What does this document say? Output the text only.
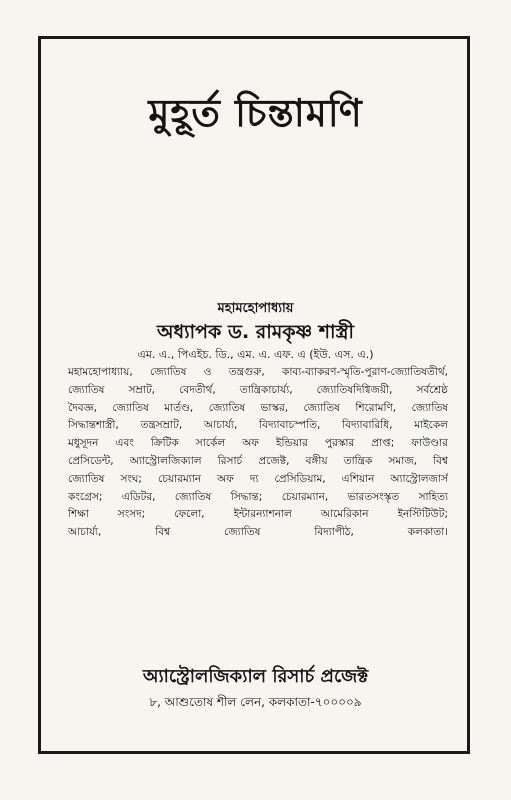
মুহূর্ত চিন্তামণি
মহামহোপাধ্যায়
অধ্যাপক ড. রামকৃষ্ণ শাস্ত্রী
এম. এ., পিএইচ. ডি., এম. এ. এফ. এ (ইউ. এস. এ.)
মহামহোপাধ্যায়, জ্যোতিষ ও তন্ত্রগুরু, কাব্য-ব্যাকরণ-স্মৃতি-পুরাণ-জ্যোতিষতীর্থ,
জ্যোতিষ সম্রাট, বেদতীর্থ, তান্ত্রিকাচার্য্য, জ্যোতিষদিগ্বিজয়ী, সর্বশ্রেষ্ঠ
দৈবজ্ঞ, জ্যোতিষ মার্তণ্ড, জ্যোতিষ ভাস্কর, জ্যোতিষ শিরোমণি, জ্যোতিষ
সিদ্ধান্তশাস্ত্রী, তন্ত্রসম্রাট, আচার্য্য, বিদ্যাবাচস্পতি, বিদ্যাবারিধি, মাইকেল
মধুসূদন এবং ক্রিটিক সার্কেল অফ ইন্ডিয়ার পুরস্কার প্রাপ্ত; ফাউণ্ডার
প্রেসিডেন্ট, অ্যাস্ট্রোলজিক্যাল রিসার্চ প্রজেক্ট, বঙ্গীয় তান্ত্রিক সমাজ, বিশ্ব
জ্যোতিষ সংঘ; চেয়ারম্যান অফ দ্য প্রেসিডিয়াম, এশিয়ান অ্যাস্ট্রোলজার্স
কংগ্রেস; এডিটর, জ্যোতিষ সিদ্ধান্ত; চেয়ারম্যান, ভারতসংস্কৃত সাহিত্য
শিক্ষা সংসদ; ফেলো, ইন্টারন্যাশনাল আমেরিকান ইনস্টিটিউট;
আচার্য্য, বিশ্ব জ্যোতিষ বিদ্যাপীঠ, কলকাতা।
অ্যাস্ট্রোলজিক্যাল রিসার্চ প্রজেক্ট
৮, আশুতোষ শীল লেন, কলকাতা-৭০০০০৯
